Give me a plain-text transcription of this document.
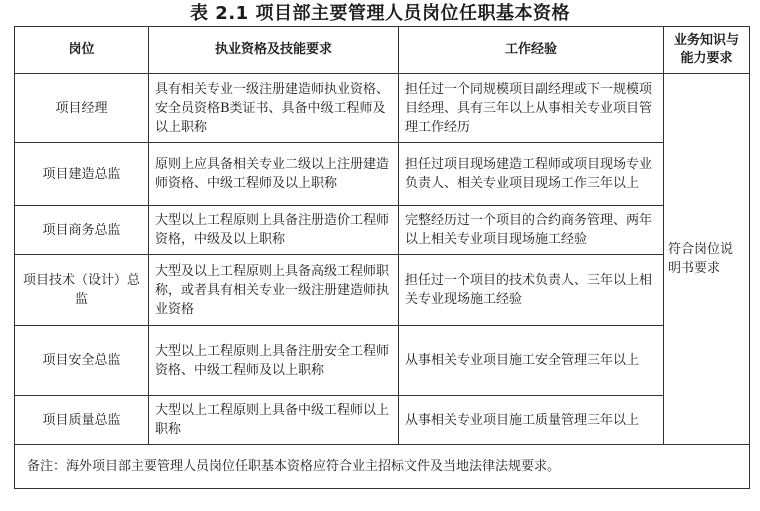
表 2.1 项目部主要管理人员岗位任职基本资格
岗位	执业资格及技能要求	工作经验	业务知识与
能力要求
项目经理	具有相关专业一级注册建造师执业资格、安全员资格B类证书、具备中级工程师及以上职称	担任过一个同规模项目副经理或下一规模项目经理、具有三年以上从事相关专业项目管理工作经历	符合岗位说明书要求
项目建造总监	原则上应具备相关专业二级以上注册建造师资格、中级工程师及以上职称	担任过项目现场建造工程师或项目现场专业负责人、相关专业项目现场工作三年以上	
项目商务总监	大型以上工程原则上具备注册造价工程师资格，中级及以上职称	完整经历过一个项目的合约商务管理、两年以上相关专业项目现场施工经验	
项目技术（设计）总监	大型及以上工程原则上具备高级工程师职称，或者具有相关专业一级注册建造师执业资格	担任过一个项目的技术负责人、三年以上相关专业现场施工经验	
项目安全总监	大型以上工程原则上具备注册安全工程师资格、中级工程师及以上职称	从事相关专业项目施工安全管理三年以上	
项目质量总监	大型以上工程原则上具备中级工程师以上职称	从事相关专业项目施工质量管理三年以上	
备注：海外项目部主要管理人员岗位任职基本资格应符合业主招标文件及当地法律法规要求。			
